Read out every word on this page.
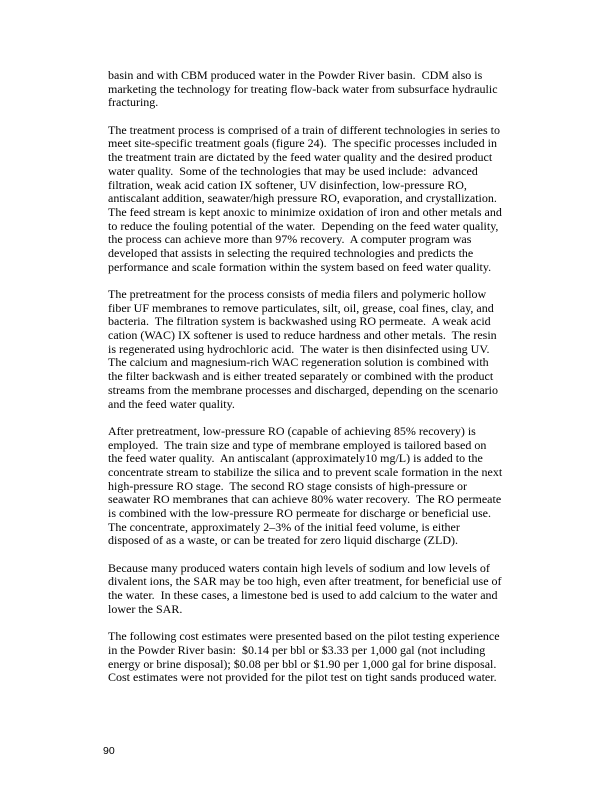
basin and with CBM produced water in the Powder River basin.  CDM also is
marketing the technology for treating flow-back water from subsurface hydraulic
fracturing.
The treatment process is comprised of a train of different technologies in series to
meet site-specific treatment goals (figure 24).  The specific processes included in
the treatment train are dictated by the feed water quality and the desired product
water quality.  Some of the technologies that may be used include:  advanced
filtration, weak acid cation IX softener, UV disinfection, low-pressure RO,
antiscalant addition, seawater/high pressure RO, evaporation, and crystallization.
The feed stream is kept anoxic to minimize oxidation of iron and other metals and
to reduce the fouling potential of the water.  Depending on the feed water quality,
the process can achieve more than 97% recovery.  A computer program was
developed that assists in selecting the required technologies and predicts the
performance and scale formation within the system based on feed water quality.
The pretreatment for the process consists of media filers and polymeric hollow
fiber UF membranes to remove particulates, silt, oil, grease, coal fines, clay, and
bacteria.  The filtration system is backwashed using RO permeate.  A weak acid
cation (WAC) IX softener is used to reduce hardness and other metals.  The resin
is regenerated using hydrochloric acid.  The water is then disinfected using UV.
The calcium and magnesium-rich WAC regeneration solution is combined with
the filter backwash and is either treated separately or combined with the product
streams from the membrane processes and discharged, depending on the scenario
and the feed water quality.
After pretreatment, low-pressure RO (capable of achieving 85% recovery) is
employed.  The train size and type of membrane employed is tailored based on
the feed water quality.  An antiscalant (approximately10 mg/L) is added to the
concentrate stream to stabilize the silica and to prevent scale formation in the next
high-pressure RO stage.  The second RO stage consists of high-pressure or
seawater RO membranes that can achieve 80% water recovery.  The RO permeate
is combined with the low-pressure RO permeate for discharge or beneficial use.
The concentrate, approximately 2–3% of the initial feed volume, is either
disposed of as a waste, or can be treated for zero liquid discharge (ZLD).
Because many produced waters contain high levels of sodium and low levels of
divalent ions, the SAR may be too high, even after treatment, for beneficial use of
the water.  In these cases, a limestone bed is used to add calcium to the water and
lower the SAR.
The following cost estimates were presented based on the pilot testing experience
in the Powder River basin:  $0.14 per bbl or $3.33 per 1,000 gal (not including
energy or brine disposal); $0.08 per bbl or $1.90 per 1,000 gal for brine disposal.
Cost estimates were not provided for the pilot test on tight sands produced water.
90
